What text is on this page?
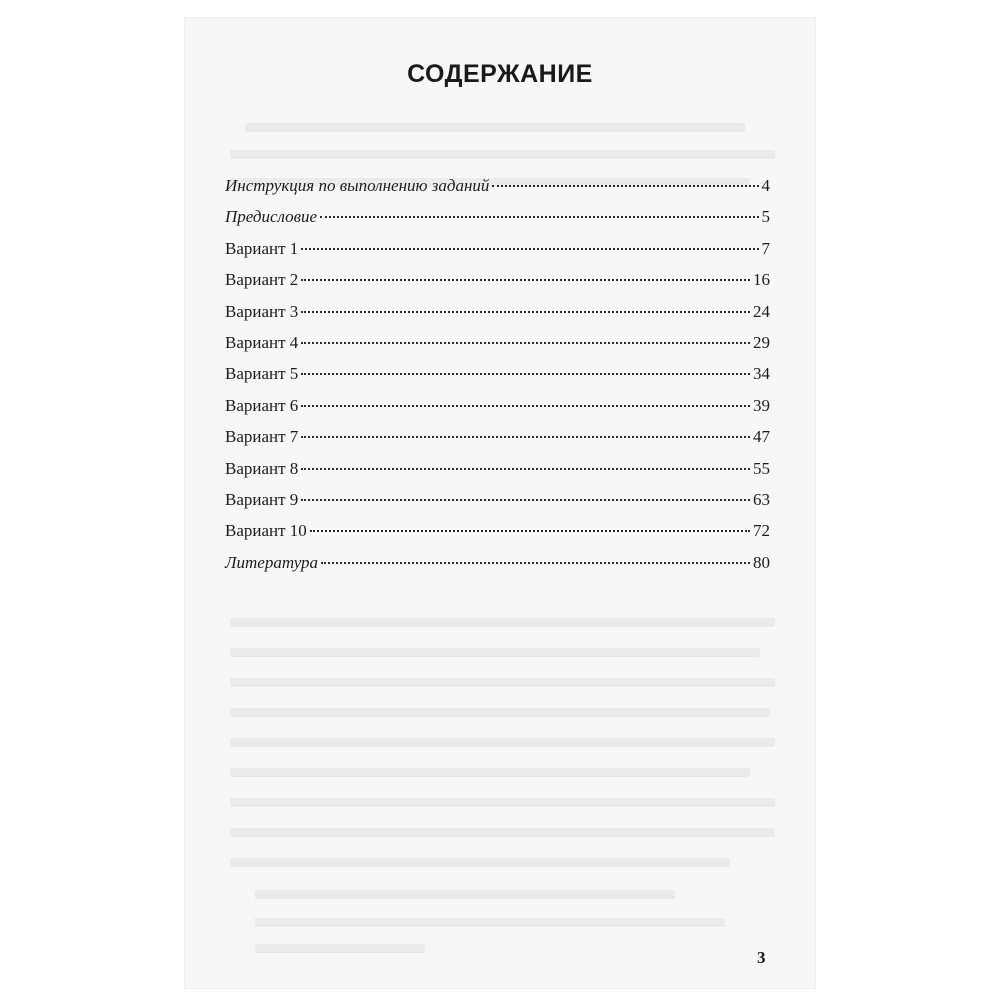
СОДЕРЖАНИЕ
Инструкция по выполнению заданий	4
Предисловие	5
Вариант 1	7
Вариант 2	16
Вариант 3	24
Вариант 4	29
Вариант 5	34
Вариант 6	39
Вариант 7	47
Вариант 8	55
Вариант 9	63
Вариант 10	72
Литература	80
3
